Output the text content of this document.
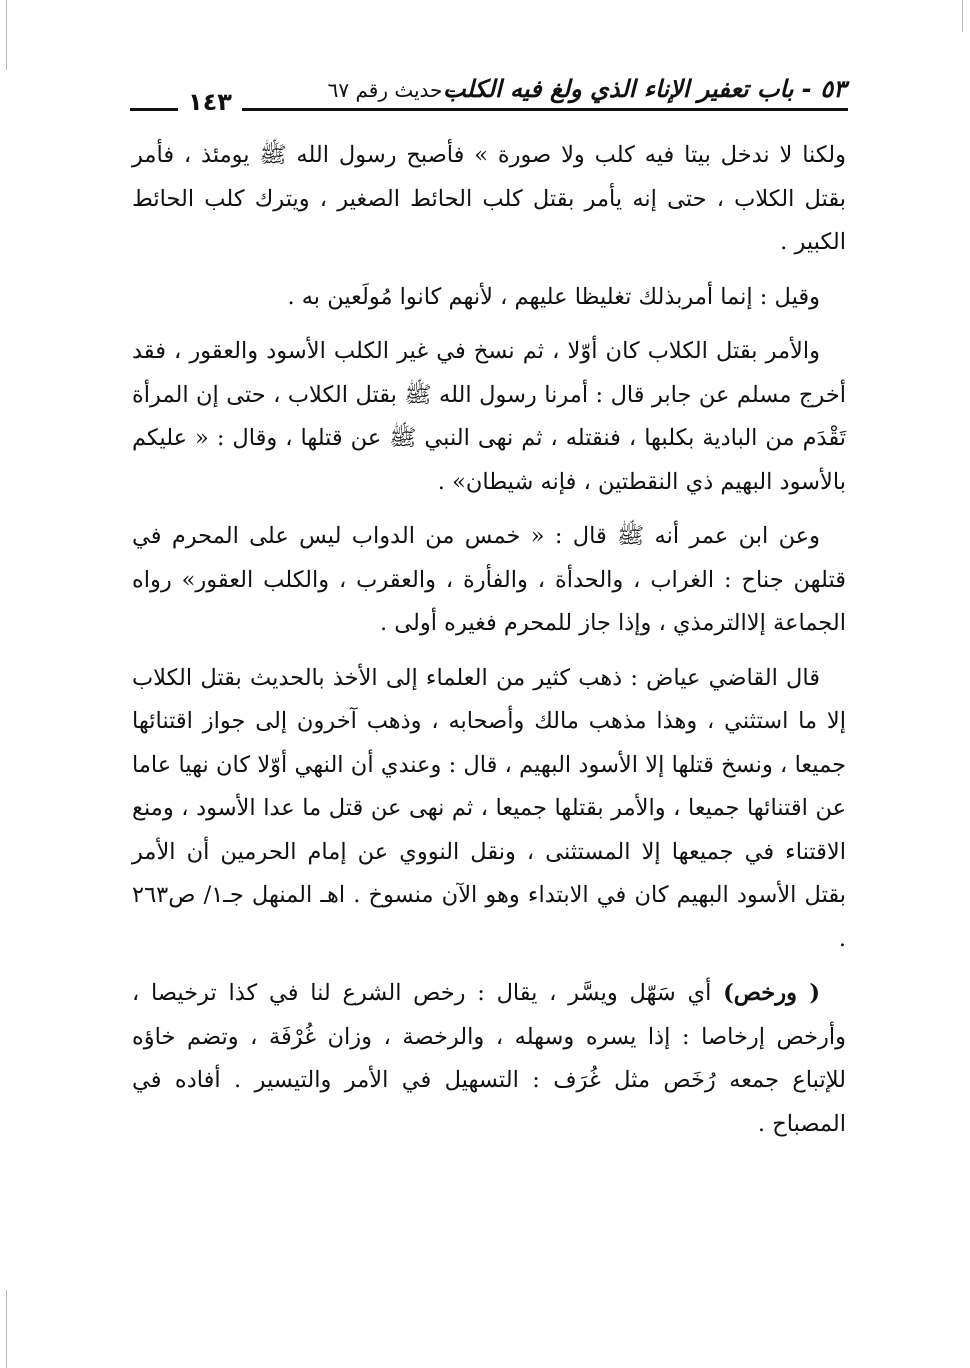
٥٣ - باب تعفير الإناء الذي ولغ فيه الكلب
- حديث رقم ٦٧
١٤٣

ولكنا لا ندخل بيتا فيه كلب ولا صورة » فأصبح رسول الله ﷺ يومئذ ، فأمر بقتل الكلاب ، حتى إنه يأمر بقتل كلب الحائط الصغير ، ويترك كلب الحائط الكبير .

وقيل : إنما أمربذلك تغليظا عليهم ، لأنهم كانوا مُولَعين به .

والأمر بقتل الكلاب كان أوّلا ، ثم نسخ في غير الكلب الأسود والعقور ، فقد أخرج مسلم عن جابر قال : أمرنا رسول الله ﷺ بقتل الكلاب ، حتى إن المرأة تَقْدَم من البادية بكلبها ، فنقتله ، ثم نهى النبي ﷺ عن قتلها ، وقال : « عليكم بالأسود البهيم ذي النقطتين ، فإنه شيطان» .

وعن ابن عمر أنه ﷺ قال : « خمس من الدواب ليس على المحرم في قتلهن جناح : الغراب ، والحدأة ، والفأرة ، والعقرب ، والكلب العقور» رواه الجماعة إلاالترمذي ، وإذا جاز للمحرم فغيره أولى .

قال القاضي عياض : ذهب كثير من العلماء إلى الأخذ بالحديث بقتل الكلاب إلا ما استثني ، وهذا مذهب مالك وأصحابه ، وذهب آخرون إلى جواز اقتنائها جميعا ، ونسخ قتلها إلا الأسود البهيم ، قال : وعندي أن النهي أوّلا كان نهيا عاما عن اقتنائها جميعا ، والأمر بقتلها جميعا ، ثم نهى عن قتل ما عدا الأسود ، ومنع الاقتناء في جميعها إلا المستثنى ، ونقل النووي عن إمام الحرمين أن الأمر بقتل الأسود البهيم كان في الابتداء وهو الآن منسوخ . اهـ المنهل جـ١/ ص٢٦٣ .

( ورخص) أي سَهّل ويسَّر ، يقال : رخص الشرع لنا في كذا ترخيصا ، وأرخص إرخاصا : إذا يسره وسهله ، والرخصة ، وزان غُرْفَة ، وتضم خاؤه للإتباع جمعه رُخَص مثل غُرَف : التسهيل في الأمر والتيسير . أفاده في المصباح .
